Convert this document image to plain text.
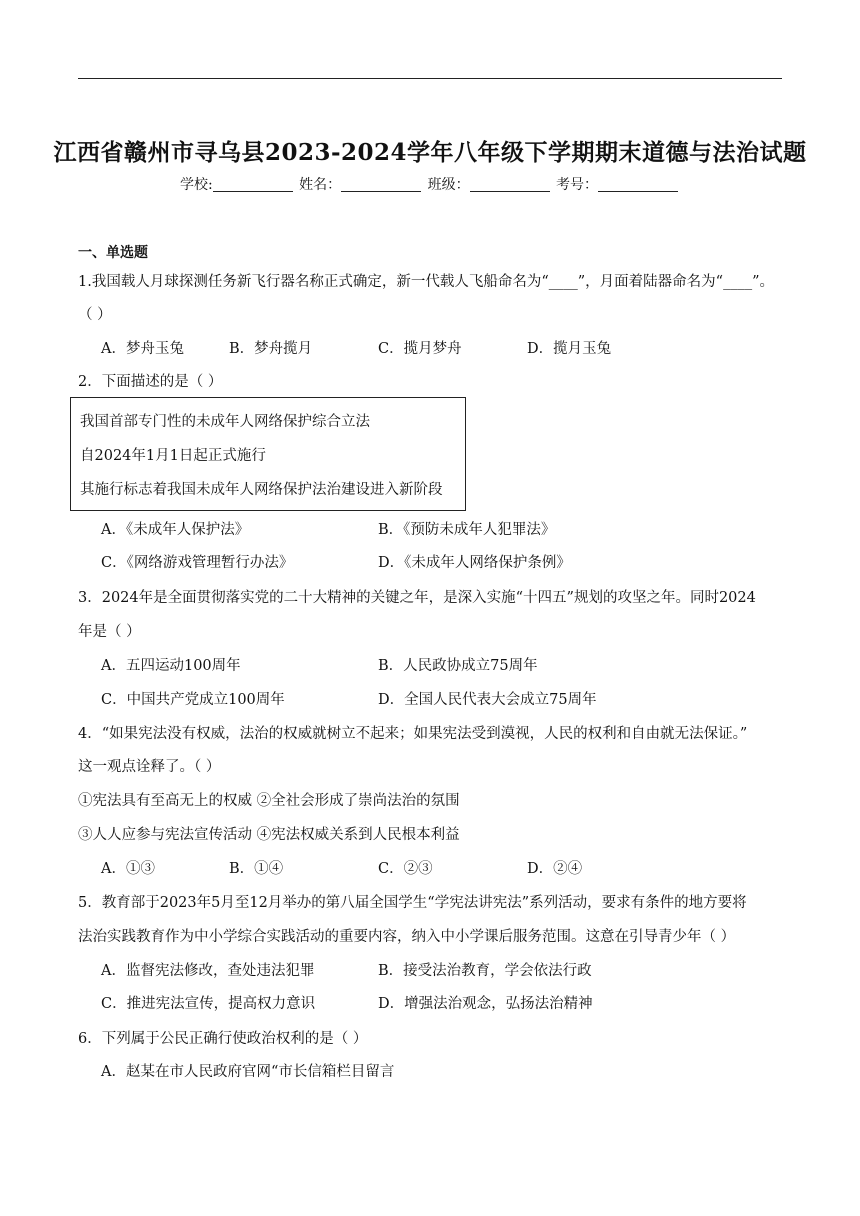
江西省赣州市寻乌县2023-2024学年八年级下学期期末道德与法治试题
学校:	姓名：	班级：	考号：
一、单选题
1.我国载人月球探测任务新飞行器名称正式确定，新一代载人飞船命名为“____”，月面着陆器命名为“____”。
（ ）
A．梦舟玉兔	B．梦舟揽月	C．揽月梦舟	D．揽月玉兔
2．下面描述的是（ ）
我国首部专门性的未成年人网络保护综合立法
自2024年1月1日起正式施行
其施行标志着我国未成年人网络保护法治建设进入新阶段
A．《未成年人保护法》	B．《预防未成年人犯罪法》
C．《网络游戏管理暂行办法》	D．《未成年人网络保护条例》
3．2024年是全面贯彻落实党的二十大精神的关键之年，是深入实施“十四五”规划的攻坚之年。同时2024
年是（ ）
A．五四运动100周年	B．人民政协成立75周年
C．中国共产党成立100周年	D．全国人民代表大会成立75周年
4．“如果宪法没有权威，法治的权威就树立不起来；如果宪法受到漠视，人民的权利和自由就无法保证。”
这一观点诠释了。（ ）
①宪法具有至高无上的权威 ②全社会形成了崇尚法治的氛围
③人人应参与宪法宣传活动 ④宪法权威关系到人民根本利益
A．①③	B．①④	C．②③	D．②④
5．教育部于2023年5月至12月举办的第八届全国学生“学宪法讲宪法”系列活动，要求有条件的地方要将
法治实践教育作为中小学综合实践活动的重要内容，纳入中小学课后服务范围。这意在引导青少年（ ）
A．监督宪法修改，查处违法犯罪	B．接受法治教育，学会依法行政
C．推进宪法宣传，提高权力意识	D．增强法治观念，弘扬法治精神
6．下列属于公民正确行使政治权利的是（ ）
A．赵某在市人民政府官网“市长信箱栏目留言
